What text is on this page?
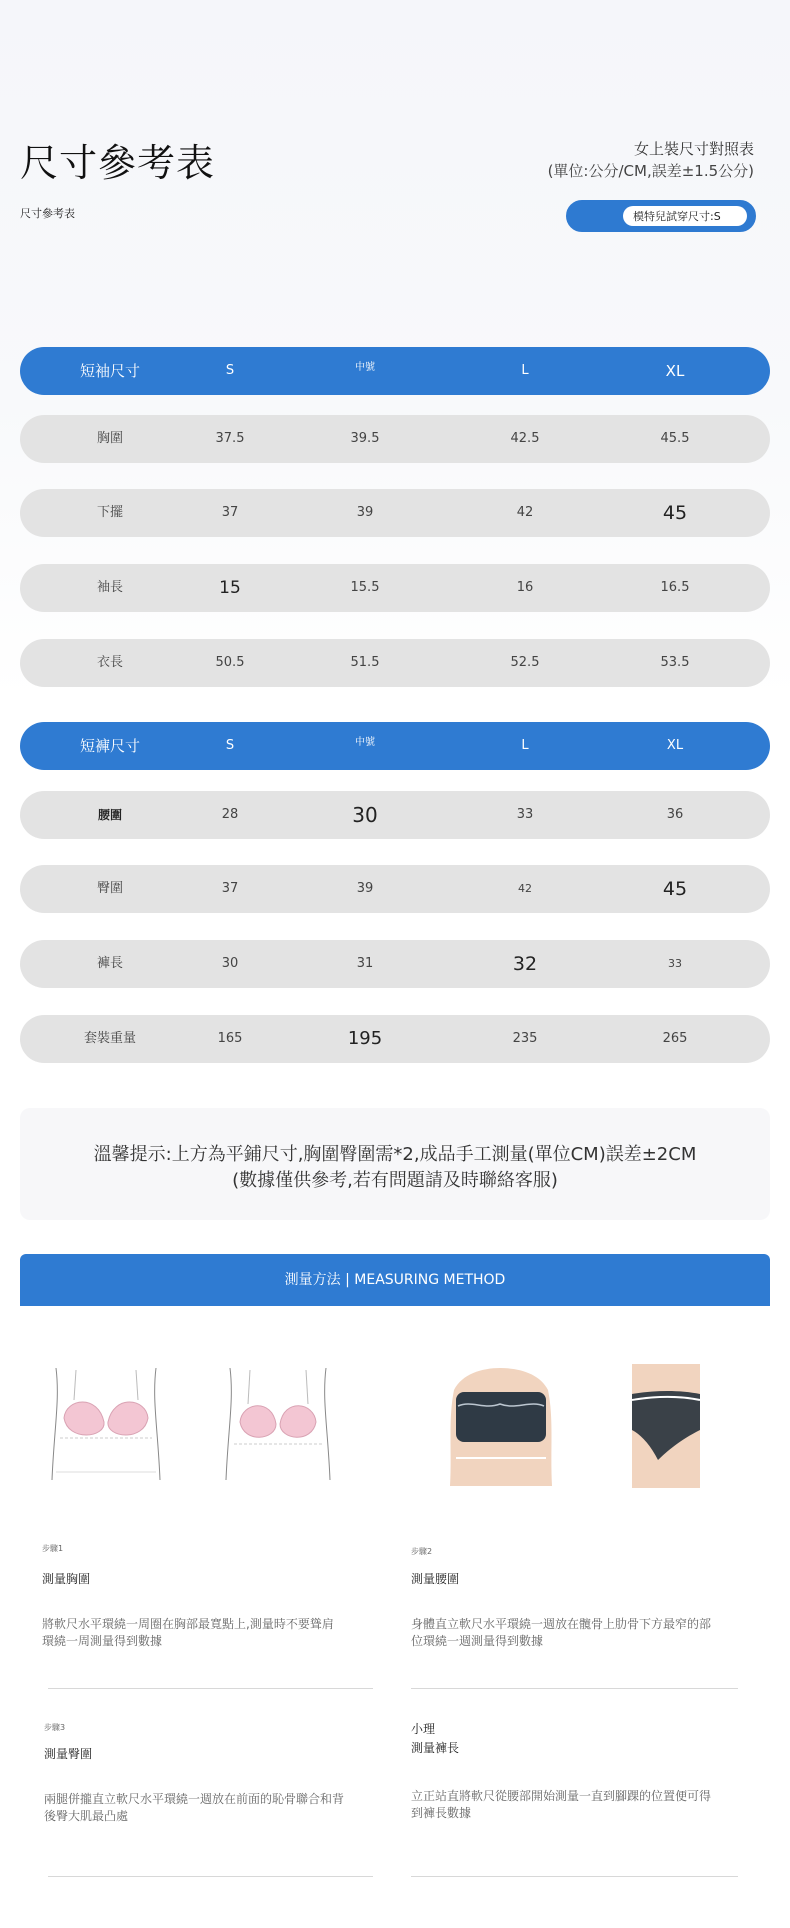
尺寸參考表
尺寸參考表
女上裝尺寸對照表
(單位:公分/CM,誤差±1.5公分)
模特兒試穿尺寸:S
短袖尺寸	S	中號	L	XL
胸圍	37.5	39.5	42.5	45.5
下擺	37	39	42	45
袖長	15	15.5	16	16.5
衣長	50.5	51.5	52.5	53.5
短褲尺寸	S	中號	L	XL
腰圍	28	30	33	36
臀圍	37	39	42	45
褲長	30	31	32	33
套裝重量	165	195	235	265
溫馨提示:上方為平鋪尺寸,胸圍臀圍需*2,成品手工測量(單位CM)誤差±2CM
(數據僅供參考,若有問題請及時聯絡客服)
測量方法 | MEASURING METHOD
步驟1
測量胸圍
將軟尺水平環繞一周圈在胸部最寬點上,測量時不要聳肩環繞一周測量得到數據
步驟2
測量腰圍
身體直立軟尺水平環繞一週放在髖骨上肋骨下方最窄的部位環繞一週測量得到數據
步驟3
測量臀圍
兩腿併攏直立軟尺水平環繞一週放在前面的恥骨聯合和背後臀大肌最凸處
小理
測量褲長
立正站直將軟尺從腰部開始測量一直到腳踝的位置便可得到褲長數據
